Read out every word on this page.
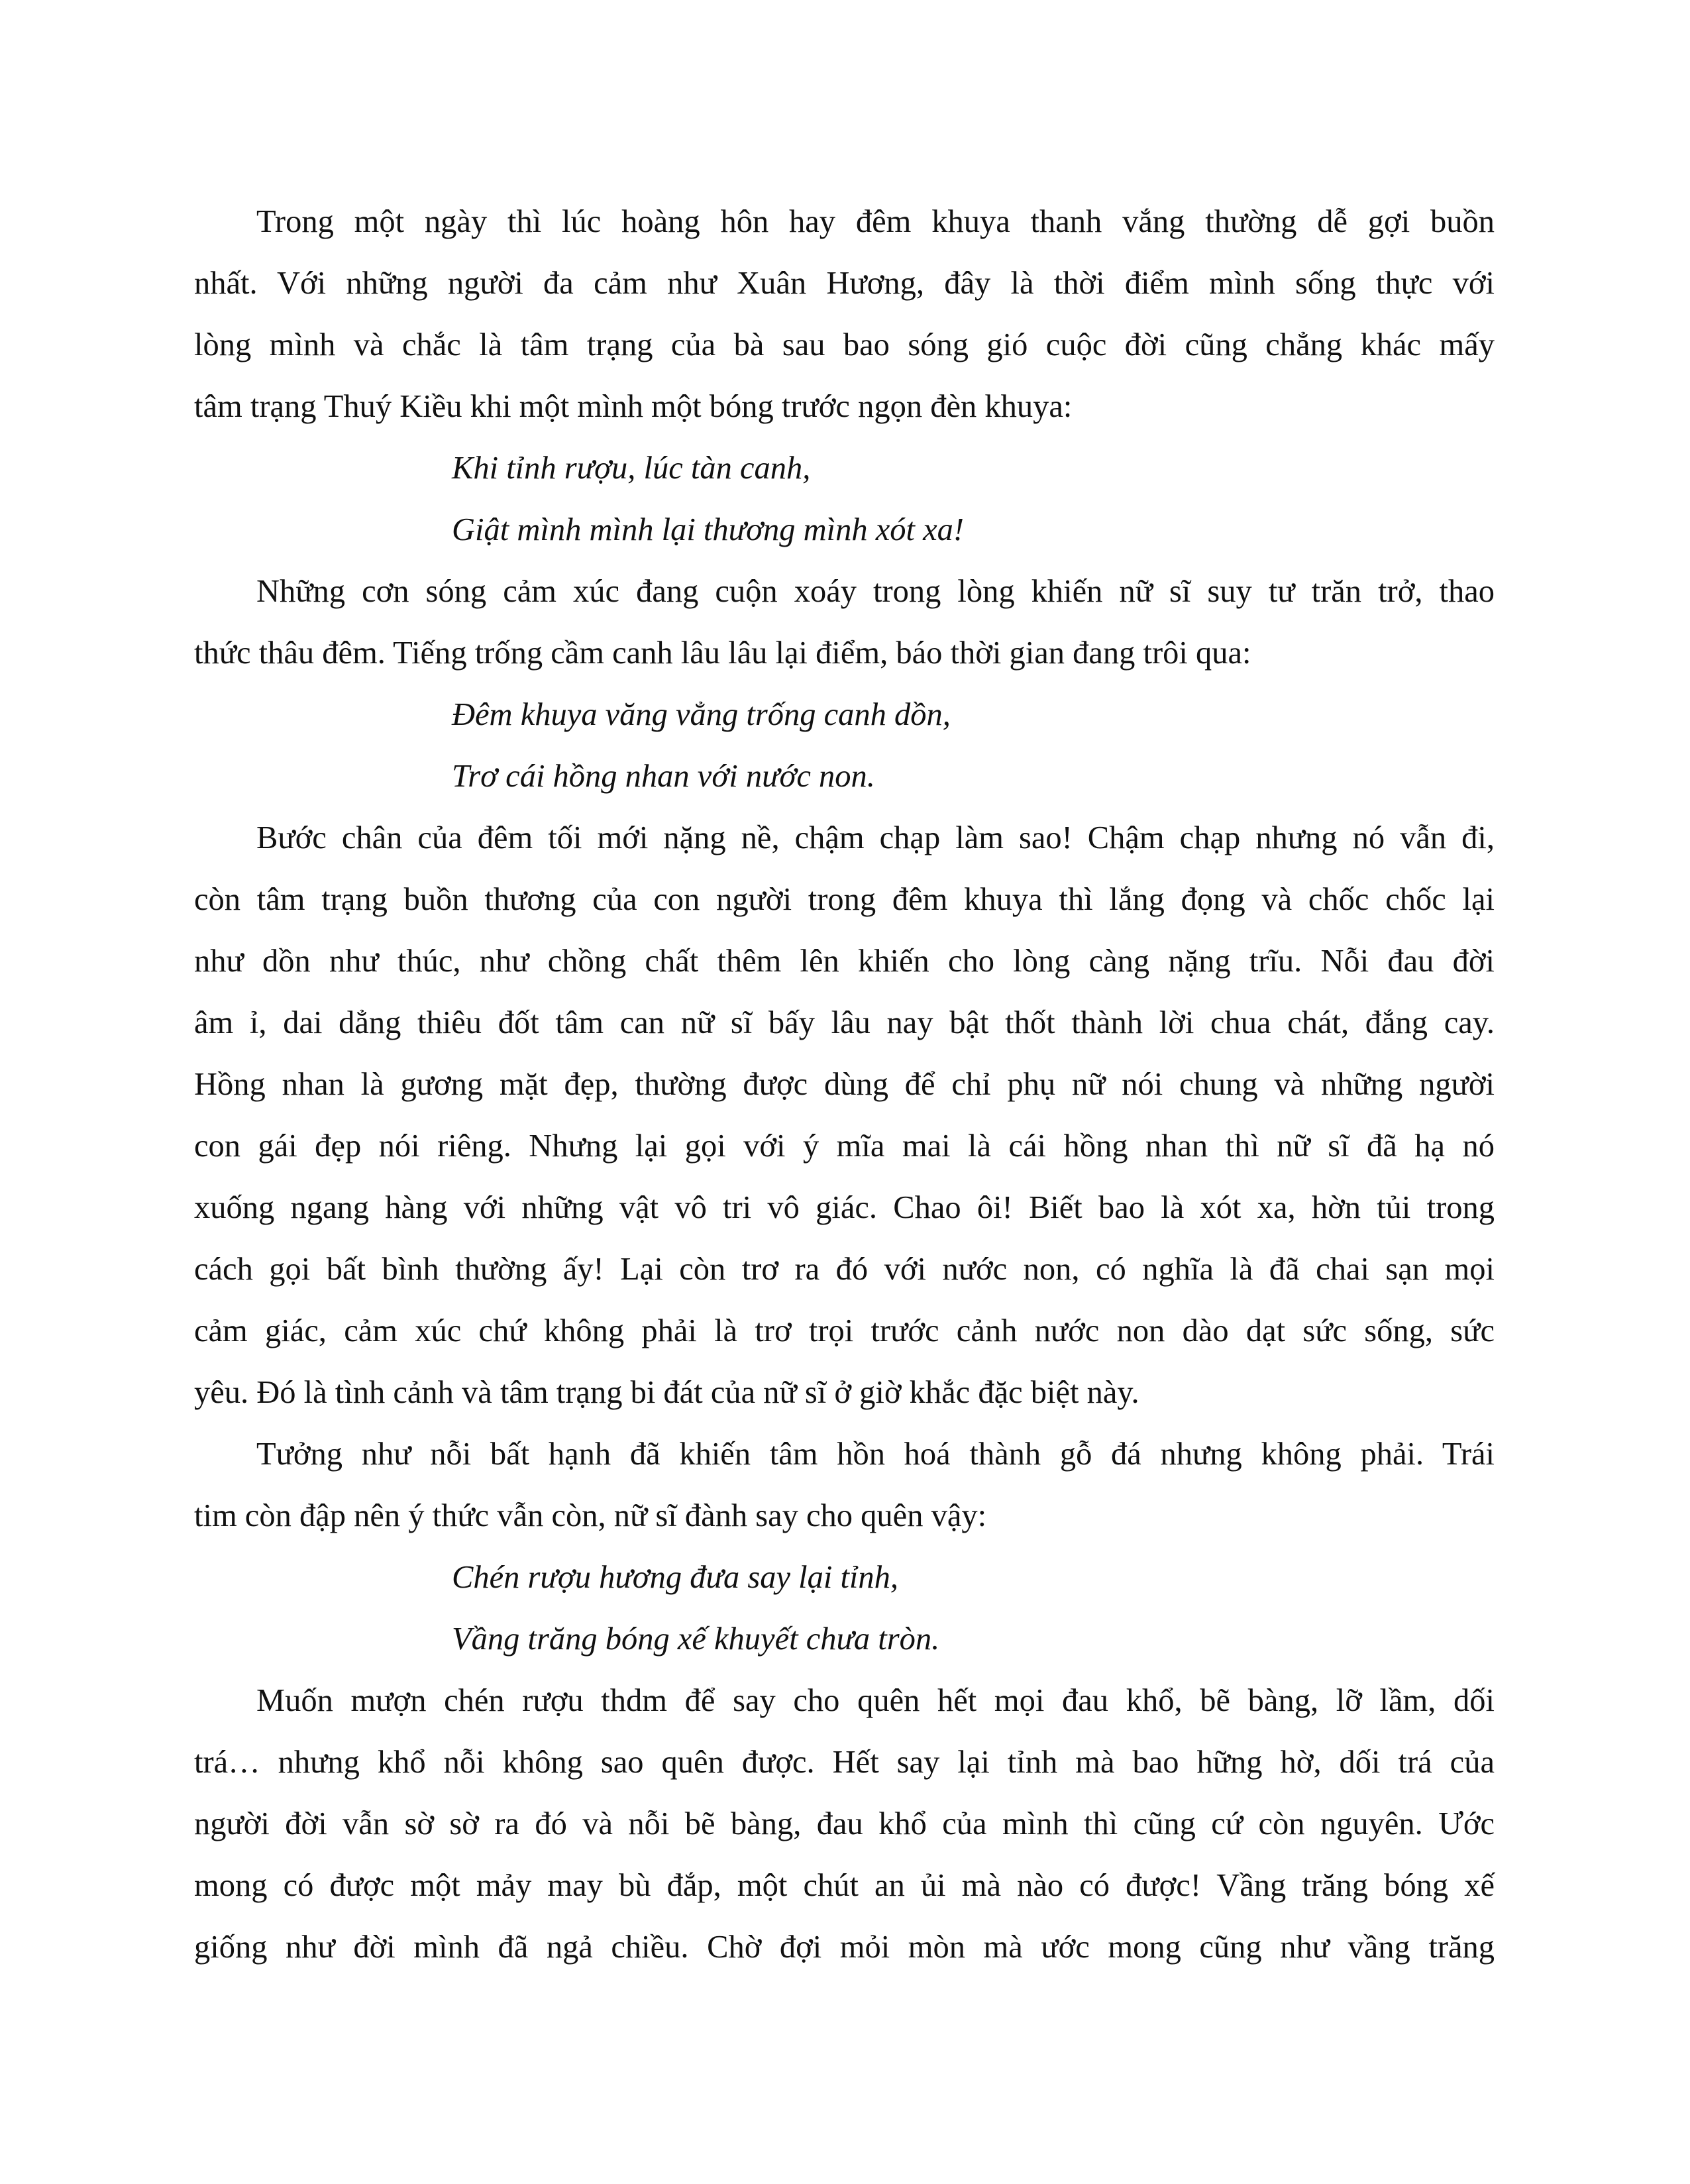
Trong một ngày thì lúc hoàng hôn hay đêm khuya thanh vắng thường dễ gợi buồn
nhất. Với những người đa cảm như Xuân Hương, đây là thời điểm mình sống thực với
lòng mình và chắc là tâm trạng của bà sau bao sóng gió cuộc đời cũng chẳng khác mấy
tâm trạng Thuý Kiều khi một mình một bóng trước ngọn đèn khuya:
Khi tỉnh rượu, lúc tàn canh,
Giật mình mình lại thương mình xót xa!
Những cơn sóng cảm xúc đang cuộn xoáy trong lòng khiến nữ sĩ suy tư trăn trở, thao
thức thâu đêm. Tiếng trống cầm canh lâu lâu lại điểm, báo thời gian đang trôi qua:
Đêm khuya văng vẳng trống canh dồn,
Trơ cái hồng nhan với nước non.
Bước chân của đêm tối mới nặng nề, chậm chạp làm sao! Chậm chạp nhưng nó vẫn đi,
còn tâm trạng buồn thương của con người trong đêm khuya thì lắng đọng và chốc chốc lại
như dồn như thúc, như chồng chất thêm lên khiến cho lòng càng nặng trĩu. Nỗi đau đời
âm ỉ, dai dẳng thiêu đốt tâm can nữ sĩ bấy lâu nay bật thốt thành lời chua chát, đắng cay.
Hồng nhan là gương mặt đẹp, thường được dùng để chỉ phụ nữ nói chung và những người
con gái đẹp nói riêng. Nhưng lại gọi với ý mĩa mai là cái hồng nhan thì nữ sĩ đã hạ nó
xuống ngang hàng với những vật vô tri vô giác. Chao ôi! Biết bao là xót xa, hờn tủi trong
cách gọi bất bình thường ấy! Lại còn trơ ra đó với nước non, có nghĩa là đã chai sạn mọi
cảm giác, cảm xúc chứ không phải là trơ trọi trước cảnh nước non dào dạt sức sống, sức
yêu. Đó là tình cảnh và tâm trạng bi đát của nữ sĩ ở giờ khắc đặc biệt này.
Tưởng như nỗi bất hạnh đã khiến tâm hồn hoá thành gỗ đá nhưng không phải. Trái
tim còn đập nên ý thức vẫn còn, nữ sĩ đành say cho quên vậy:
Chén rượu hương đưa say lại tỉnh,
Vầng trăng bóng xế khuyết chưa tròn.
Muốn mượn chén rượu thdm để say cho quên hết mọi đau khổ, bẽ bàng, lỡ lầm, dối
trá… nhưng khổ nỗi không sao quên được. Hết say lại tỉnh mà bao hững hờ, dối trá của
người đời vẫn sờ sờ ra đó và nỗi bẽ bàng, đau khổ của mình thì cũng cứ còn nguyên. Ước
mong có được một mảy may bù đắp, một chút an ủi mà nào có được! Vầng trăng bóng xế
giống như đời mình đã ngả chiều. Chờ đợi mỏi mòn mà ước mong cũng như vầng trăng
